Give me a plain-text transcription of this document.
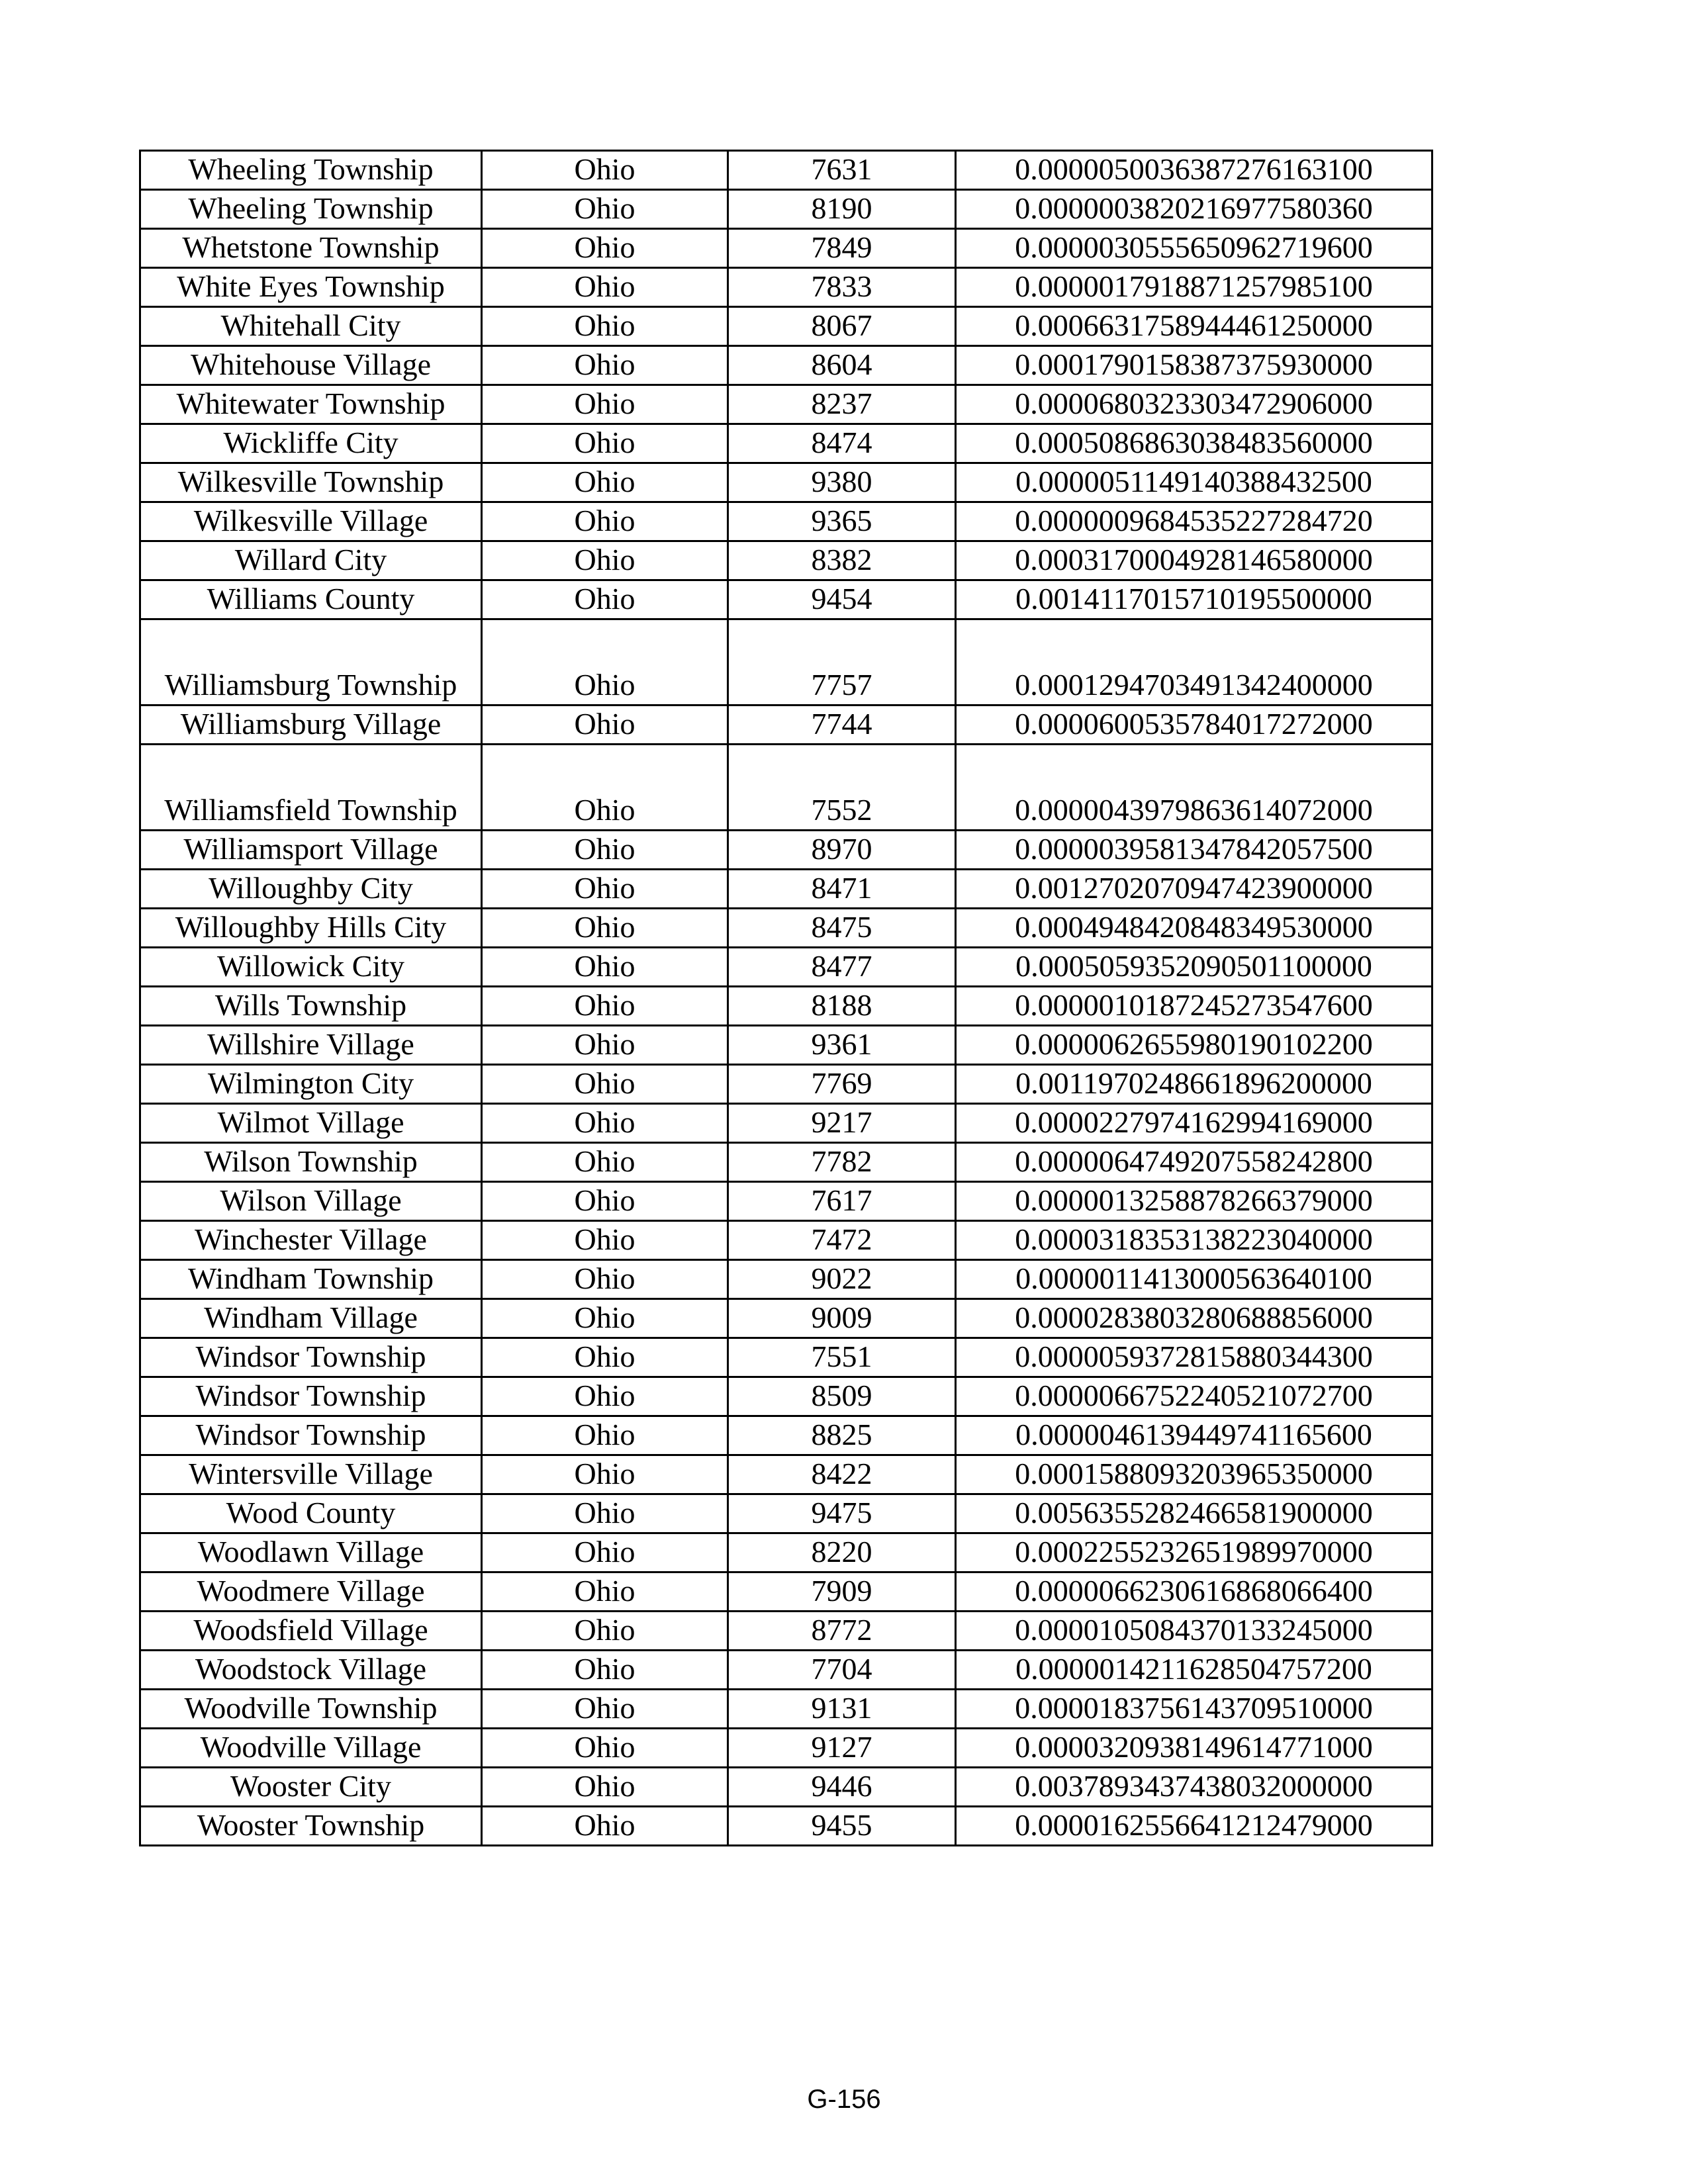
Wheeling Township	Ohio	7631	0.0000050036387276163100
Wheeling Township	Ohio	8190	0.0000003820216977580360
Whetstone Township	Ohio	7849	0.0000030555650962719600
White Eyes Township	Ohio	7833	0.0000017918871257985100
Whitehall City	Ohio	8067	0.0006631758944461250000
Whitehouse Village	Ohio	8604	0.0001790158387375930000
Whitewater Township	Ohio	8237	0.0000680323303472906000
Wickliffe City	Ohio	8474	0.0005086863038483560000
Wilkesville Township	Ohio	9380	0.0000051149140388432500
Wilkesville Village	Ohio	9365	0.0000009684535227284720
Willard City	Ohio	8382	0.0003170004928146580000
Williams County	Ohio	9454	0.0014117015710195500000
Williamsburg Township	Ohio	7757	0.0001294703491342400000
Williamsburg Village	Ohio	7744	0.0000600535784017272000
Williamsfield Township	Ohio	7552	0.0000043979863614072000
Williamsport Village	Ohio	8970	0.0000039581347842057500
Willoughby City	Ohio	8471	0.0012702070947423900000
Willoughby Hills City	Ohio	8475	0.0004948420848349530000
Willowick City	Ohio	8477	0.0005059352090501100000
Wills Township	Ohio	8188	0.0000010187245273547600
Willshire Village	Ohio	9361	0.0000062655980190102200
Wilmington City	Ohio	7769	0.0011970248661896200000
Wilmot Village	Ohio	9217	0.0000227974162994169000
Wilson Township	Ohio	7782	0.0000064749207558242800
Wilson Village	Ohio	7617	0.0000013258878266379000
Winchester Village	Ohio	7472	0.0000318353138223040000
Windham Township	Ohio	9022	0.0000011413000563640100
Windham Village	Ohio	9009	0.0000283803280688856000
Windsor Township	Ohio	7551	0.0000059372815880344300
Windsor Township	Ohio	8509	0.0000066752240521072700
Windsor Township	Ohio	8825	0.0000046139449741165600
Wintersville Village	Ohio	8422	0.0001588093203965350000
Wood County	Ohio	9475	0.0056355282466581900000
Woodlawn Village	Ohio	8220	0.0002255232651989970000
Woodmere Village	Ohio	7909	0.0000066230616868066400
Woodsfield Village	Ohio	8772	0.0000105084370133245000
Woodstock Village	Ohio	7704	0.0000014211628504757200
Woodville Township	Ohio	9131	0.0000183756143709510000
Woodville Village	Ohio	9127	0.0000320938149614771000
Wooster City	Ohio	9446	0.0037893437438032000000
Wooster Township	Ohio	9455	0.0000162556641212479000
G-156
